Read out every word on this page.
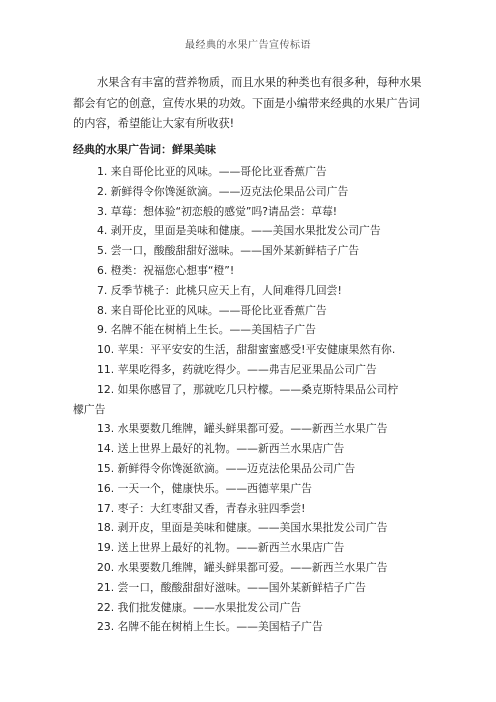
最经典的水果广告宣传标语

水果含有丰富的营养物质，而且水果的种类也有很多种，每种水果都会有它的创意，宣传水果的功效。下面是小编带来经典的水果广告词的内容，希望能让大家有所收获!

经典的水果广告词：鲜果美味

1. 来自哥伦比亚的风味。——哥伦比亚香蕉广告
2. 新鲜得令你馋涎欲滴。——迈克法伦果品公司广告
3. 草莓：想体验“初恋般的感觉”吗?请品尝：草莓!
4. 剥开皮，里面是美味和健康。——美国水果批发公司广告
5. 尝一口，酸酸甜甜好滋味。——国外某新鲜桔子广告
6. 橙类：祝福您心想事“橙”!
7. 反季节桃子：此桃只应天上有，人间难得几回尝!
8. 来自哥伦比亚的风味。——哥伦比亚香蕉广告
9. 名牌不能在树梢上生长。——美国桔子广告
10. 苹果：平平安安的生活，甜甜蜜蜜感受!平安健康果然有你.
11. 苹果吃得多，药就吃得少。——弗吉尼亚果品公司广告
12. 如果你感冒了，那就吃几只柠檬。——桑克斯特果品公司柠
檬广告
13. 水果要数几维牌，罐头鲜果都可爱。——新西兰水果广告
14. 送上世界上最好的礼物。——新西兰水果店广告
15. 新鲜得令你馋涎欲滴。——迈克法伦果品公司广告
16. 一天一个，健康快乐。——西德苹果广告
17. 枣子：大红枣甜又香，青春永驻四季尝!
18. 剥开皮，里面是美味和健康。——美国水果批发公司广告
19. 送上世界上最好的礼物。——新西兰水果店广告
20. 水果要数几维牌，罐头鲜果都可爱。——新西兰水果广告
21. 尝一口，酸酸甜甜好滋味。——国外某新鲜桔子广告
22. 我们批发健康。——水果批发公司广告
23. 名牌不能在树梢上生长。——美国桔子广告
